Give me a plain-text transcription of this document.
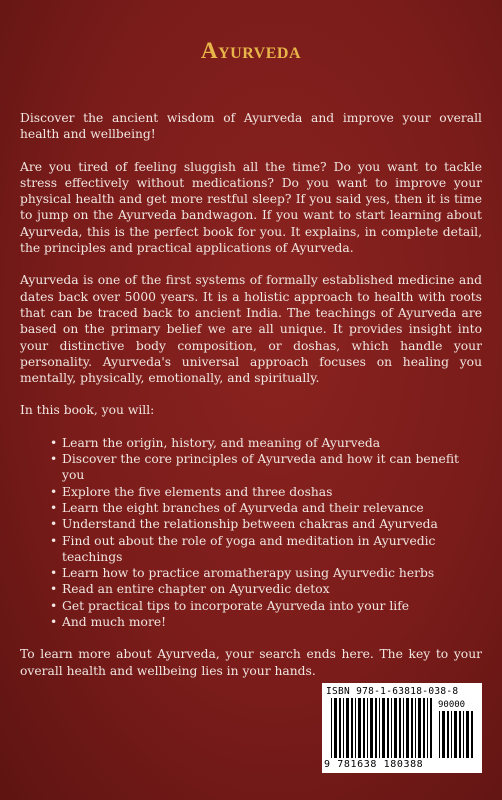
Ayurveda

Discover the ancient wisdom of Ayurveda and improve your overall health and wellbeing!

Are you tired of feeling sluggish all the time? Do you want to tackle stress effectively without medications? Do you want to improve your physical health and get more restful sleep? If you said yes, then it is time to jump on the Ayurveda bandwagon. If you want to start learning about Ayurveda, this is the perfect book for you. It explains, in complete detail, the principles and practical applications of Ayurveda.

Ayurveda is one of the first systems of formally established medicine and dates back over 5000 years. It is a holistic approach to health with roots that can be traced back to ancient India. The teachings of Ayurveda are based on the primary belief we are all unique. It provides insight into your distinctive body composition, or doshas, which handle your personality. Ayurveda's universal approach focuses on healing you mentally, physically, emotionally, and spiritually.

In this book, you will:

• Learn the origin, history, and meaning of Ayurveda
• Discover the core principles of Ayurveda and how it can benefit you
• Explore the five elements and three doshas
• Learn the eight branches of Ayurveda and their relevance
• Understand the relationship between chakras and Ayurveda
• Find out about the role of yoga and meditation in Ayurvedic teachings
• Learn how to practice aromatherapy using Ayurvedic herbs
• Read an entire chapter on Ayurvedic detox
• Get practical tips to incorporate Ayurveda into your life
• And much more!

To learn more about Ayurveda, your search ends here. The key to your overall health and wellbeing lies in your hands.

ISBN 978-1-63818-038-8
90000
9 781638 180388
